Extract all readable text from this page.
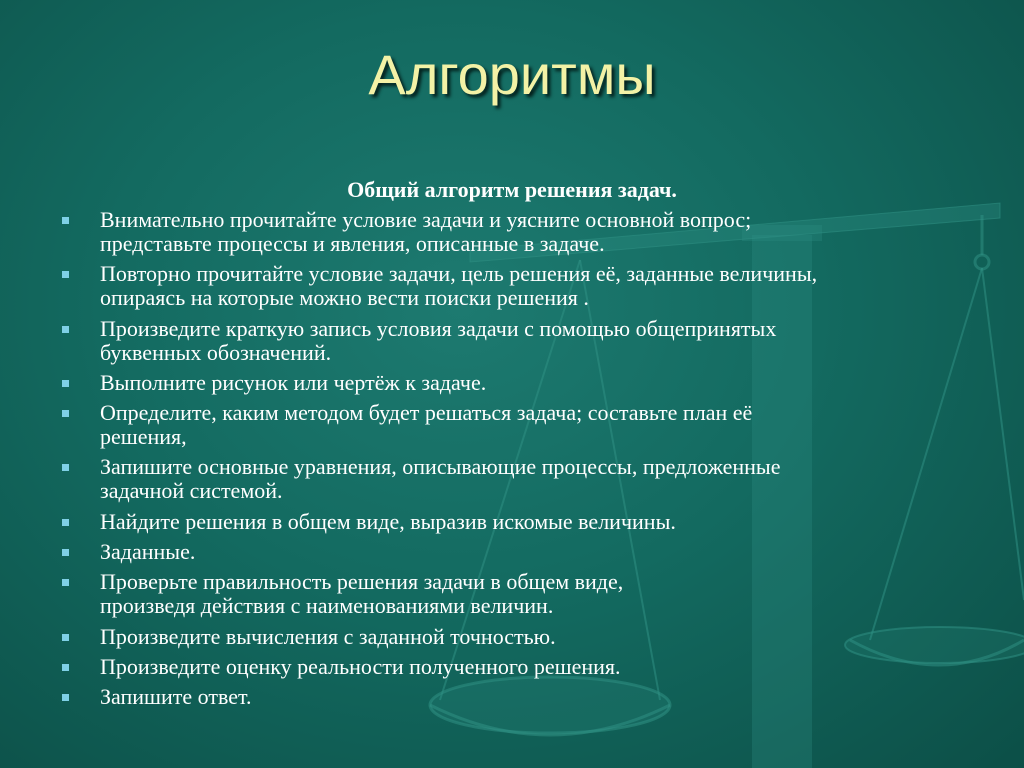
Алгоритмы
Общий алгоритм решения задач.
Внимательно прочитайте условие задачи и уясните основной вопрос;
представьте процессы и явления, описанные в задаче.
Повторно прочитайте условие задачи, цель решения её, заданные величины,
опираясь на которые можно вести поиски решения .
Произведите краткую запись условия задачи с помощью общепринятых
буквенных обозначений.
Выполните рисунок или чертёж к задаче.
Определите, каким методом будет решаться задача; составьте план её
решения,
Запишите основные уравнения, описывающие процессы, предложенные
задачной системой.
Найдите решения в общем виде, выразив искомые величины.
Заданные.
Проверьте правильность решения задачи в общем виде,
произведя действия с наименованиями величин.
Произведите вычисления с заданной точностью.
Произведите оценку реальности полученного решения.
Запишите ответ.
